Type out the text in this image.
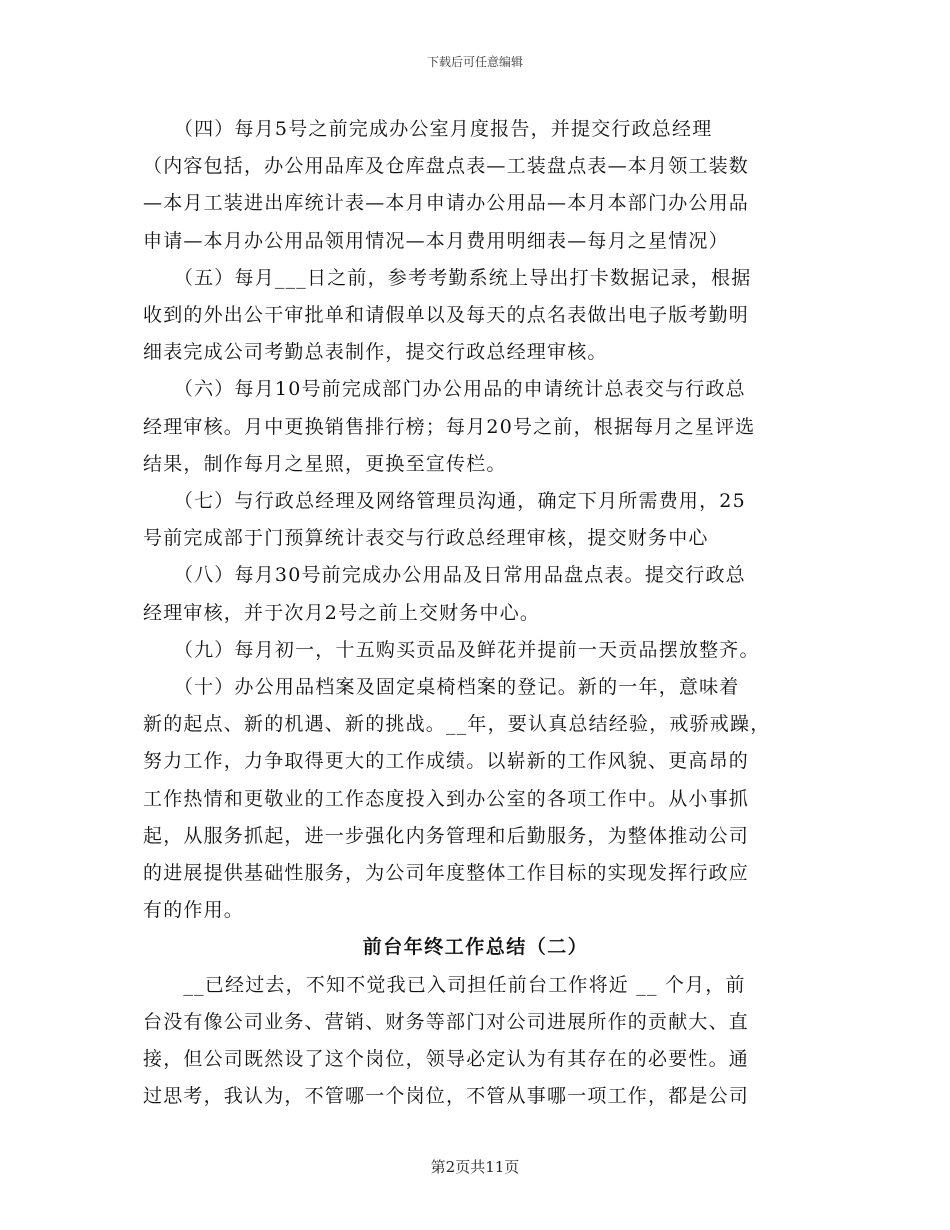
下载后可任意编辑

　　（四）每月5号之前完成办公室月度报告，并提交行政总经理
（内容包括，办公用品库及仓库盘点表—工装盘点表—本月领工装数
—本月工装进出库统计表—本月申请办公用品—本月本部门办公用品
申请—本月办公用品领用情况—本月费用明细表—每月之星情况）

　　（五）每月___日之前，参考考勤系统上导出打卡数据记录，根据
收到的外出公干审批单和请假单以及每天的点名表做出电子版考勤明
细表完成公司考勤总表制作，提交行政总经理审核。

　　（六）每月10号前完成部门办公用品的申请统计总表交与行政总
经理审核。月中更换销售排行榜；每月20号之前，根据每月之星评选
结果，制作每月之星照，更换至宣传栏。

　　（七）与行政总经理及网络管理员沟通，确定下月所需费用，25
号前完成部于门预算统计表交与行政总经理审核，提交财务中心

　　（八）每月30号前完成办公用品及日常用品盘点表。提交行政总
经理审核，并于次月2号之前上交财务中心。

　　（九）每月初一，十五购买贡品及鲜花并提前一天贡品摆放整齐。

　　（十）办公用品档案及固定桌椅档案的登记。新的一年，意味着
新的起点、新的机遇、新的挑战。__年，要认真总结经验，戒骄戒躁，
努力工作，力争取得更大的工作成绩。以崭新的工作风貌、更高昂的
工作热情和更敬业的工作态度投入到办公室的各项工作中。从小事抓
起，从服务抓起，进一步强化内务管理和后勤服务，为整体推动公司
的进展提供基础性服务，为公司年度整体工作目标的实现发挥行政应
有的作用。

前台年终工作总结（二）

　　__已经过去，不知不觉我已入司担任前台工作将近 __ 个月，前
台没有像公司业务、营销、财务等部门对公司进展所作的贡献大、直
接，但公司既然设了这个岗位，领导必定认为有其存在的必要性。通
过思考，我认为，不管哪一个岗位，不管从事哪一项工作，都是公司

第2页共11页
